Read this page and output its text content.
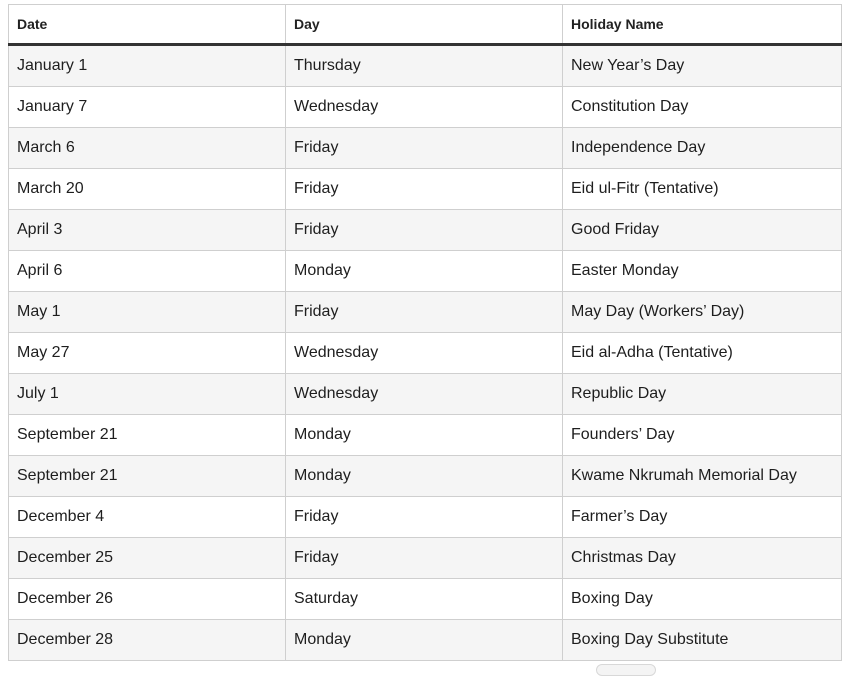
Date	Day	Holiday Name
January 1	Thursday	New Year’s Day
January 7	Wednesday	Constitution Day
March 6	Friday	Independence Day
March 20	Friday	Eid ul-Fitr (Tentative)
April 3	Friday	Good Friday
April 6	Monday	Easter Monday
May 1	Friday	May Day (Workers’ Day)
May 27	Wednesday	Eid al-Adha (Tentative)
July 1	Wednesday	Republic Day
September 21	Monday	Founders’ Day
September 21	Monday	Kwame Nkrumah Memorial Day
December 4	Friday	Farmer’s Day
December 25	Friday	Christmas Day
December 26	Saturday	Boxing Day
December 28	Monday	Boxing Day Substitute
